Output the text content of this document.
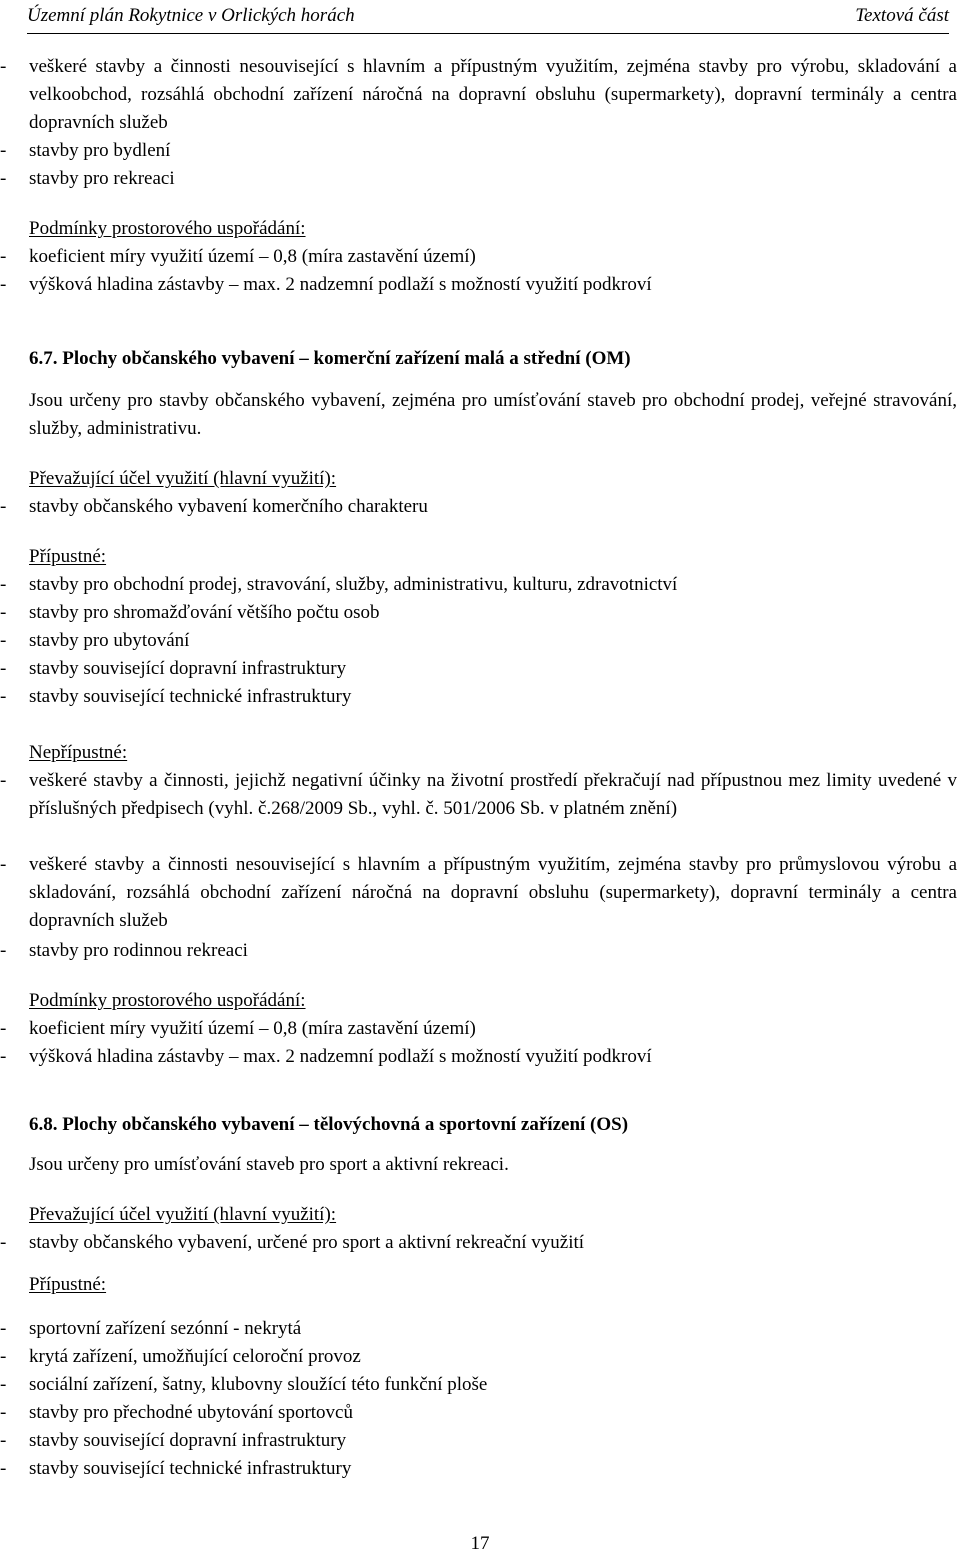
Územní plán Rokytnice v Orlických horách	Textová část
- veškeré stavby a činnosti nesouvisející s hlavním a přípustným využitím, zejména stavby pro výrobu, skladování a velkoobchod, rozsáhlá obchodní zařízení náročná na dopravní obsluhu (supermarkety), dopravní terminály a centra dopravních služeb
- stavby pro bydlení
- stavby pro rekreaci
Podmínky prostorového uspořádání:
- koeficient míry využití území – 0,8 (míra zastavění území)
- výšková hladina zástavby – max. 2 nadzemní podlaží s možností využití podkroví
6.7. Plochy občanského vybavení – komerční zařízení malá a střední (OM)
Jsou určeny pro stavby občanského vybavení, zejména pro umísťování staveb pro obchodní prodej, veřejné stravování, služby, administrativu.
Převažující účel využití (hlavní využití):
- stavby občanského vybavení komerčního charakteru
Přípustné:
- stavby pro obchodní prodej, stravování, služby, administrativu, kulturu, zdravotnictví
- stavby pro shromažďování většího počtu osob
- stavby pro ubytování
- stavby související dopravní infrastruktury
- stavby související technické infrastruktury
Nepřípustné:
- veškeré stavby a činnosti, jejichž negativní účinky na životní prostředí překračují nad přípustnou mez limity uvedené v příslušných předpisech (vyhl. č.268/2009 Sb., vyhl. č. 501/2006 Sb. v platném znění)
- veškeré stavby a činnosti nesouvisející s hlavním a přípustným využitím, zejména stavby pro průmyslovou výrobu a skladování, rozsáhlá obchodní zařízení náročná na dopravní obsluhu (supermarkety), dopravní terminály a centra dopravních služeb
- stavby pro rodinnou rekreaci
Podmínky prostorového uspořádání:
- koeficient míry využití území – 0,8 (míra zastavění území)
- výšková hladina zástavby – max. 2 nadzemní podlaží s možností využití podkroví
6.8. Plochy občanského vybavení – tělovýchovná a sportovní zařízení (OS)
Jsou určeny pro umísťování staveb pro sport a aktivní rekreaci.
Převažující účel využití (hlavní využití):
- stavby občanského vybavení, určené pro sport a aktivní rekreační využití
Přípustné:
- sportovní zařízení sezónní - nekrytá
- krytá zařízení, umožňující celoroční provoz
- sociální zařízení, šatny, klubovny sloužící této funkční ploše
- stavby pro přechodné ubytování sportovců
- stavby související dopravní infrastruktury
- stavby související technické infrastruktury
17
